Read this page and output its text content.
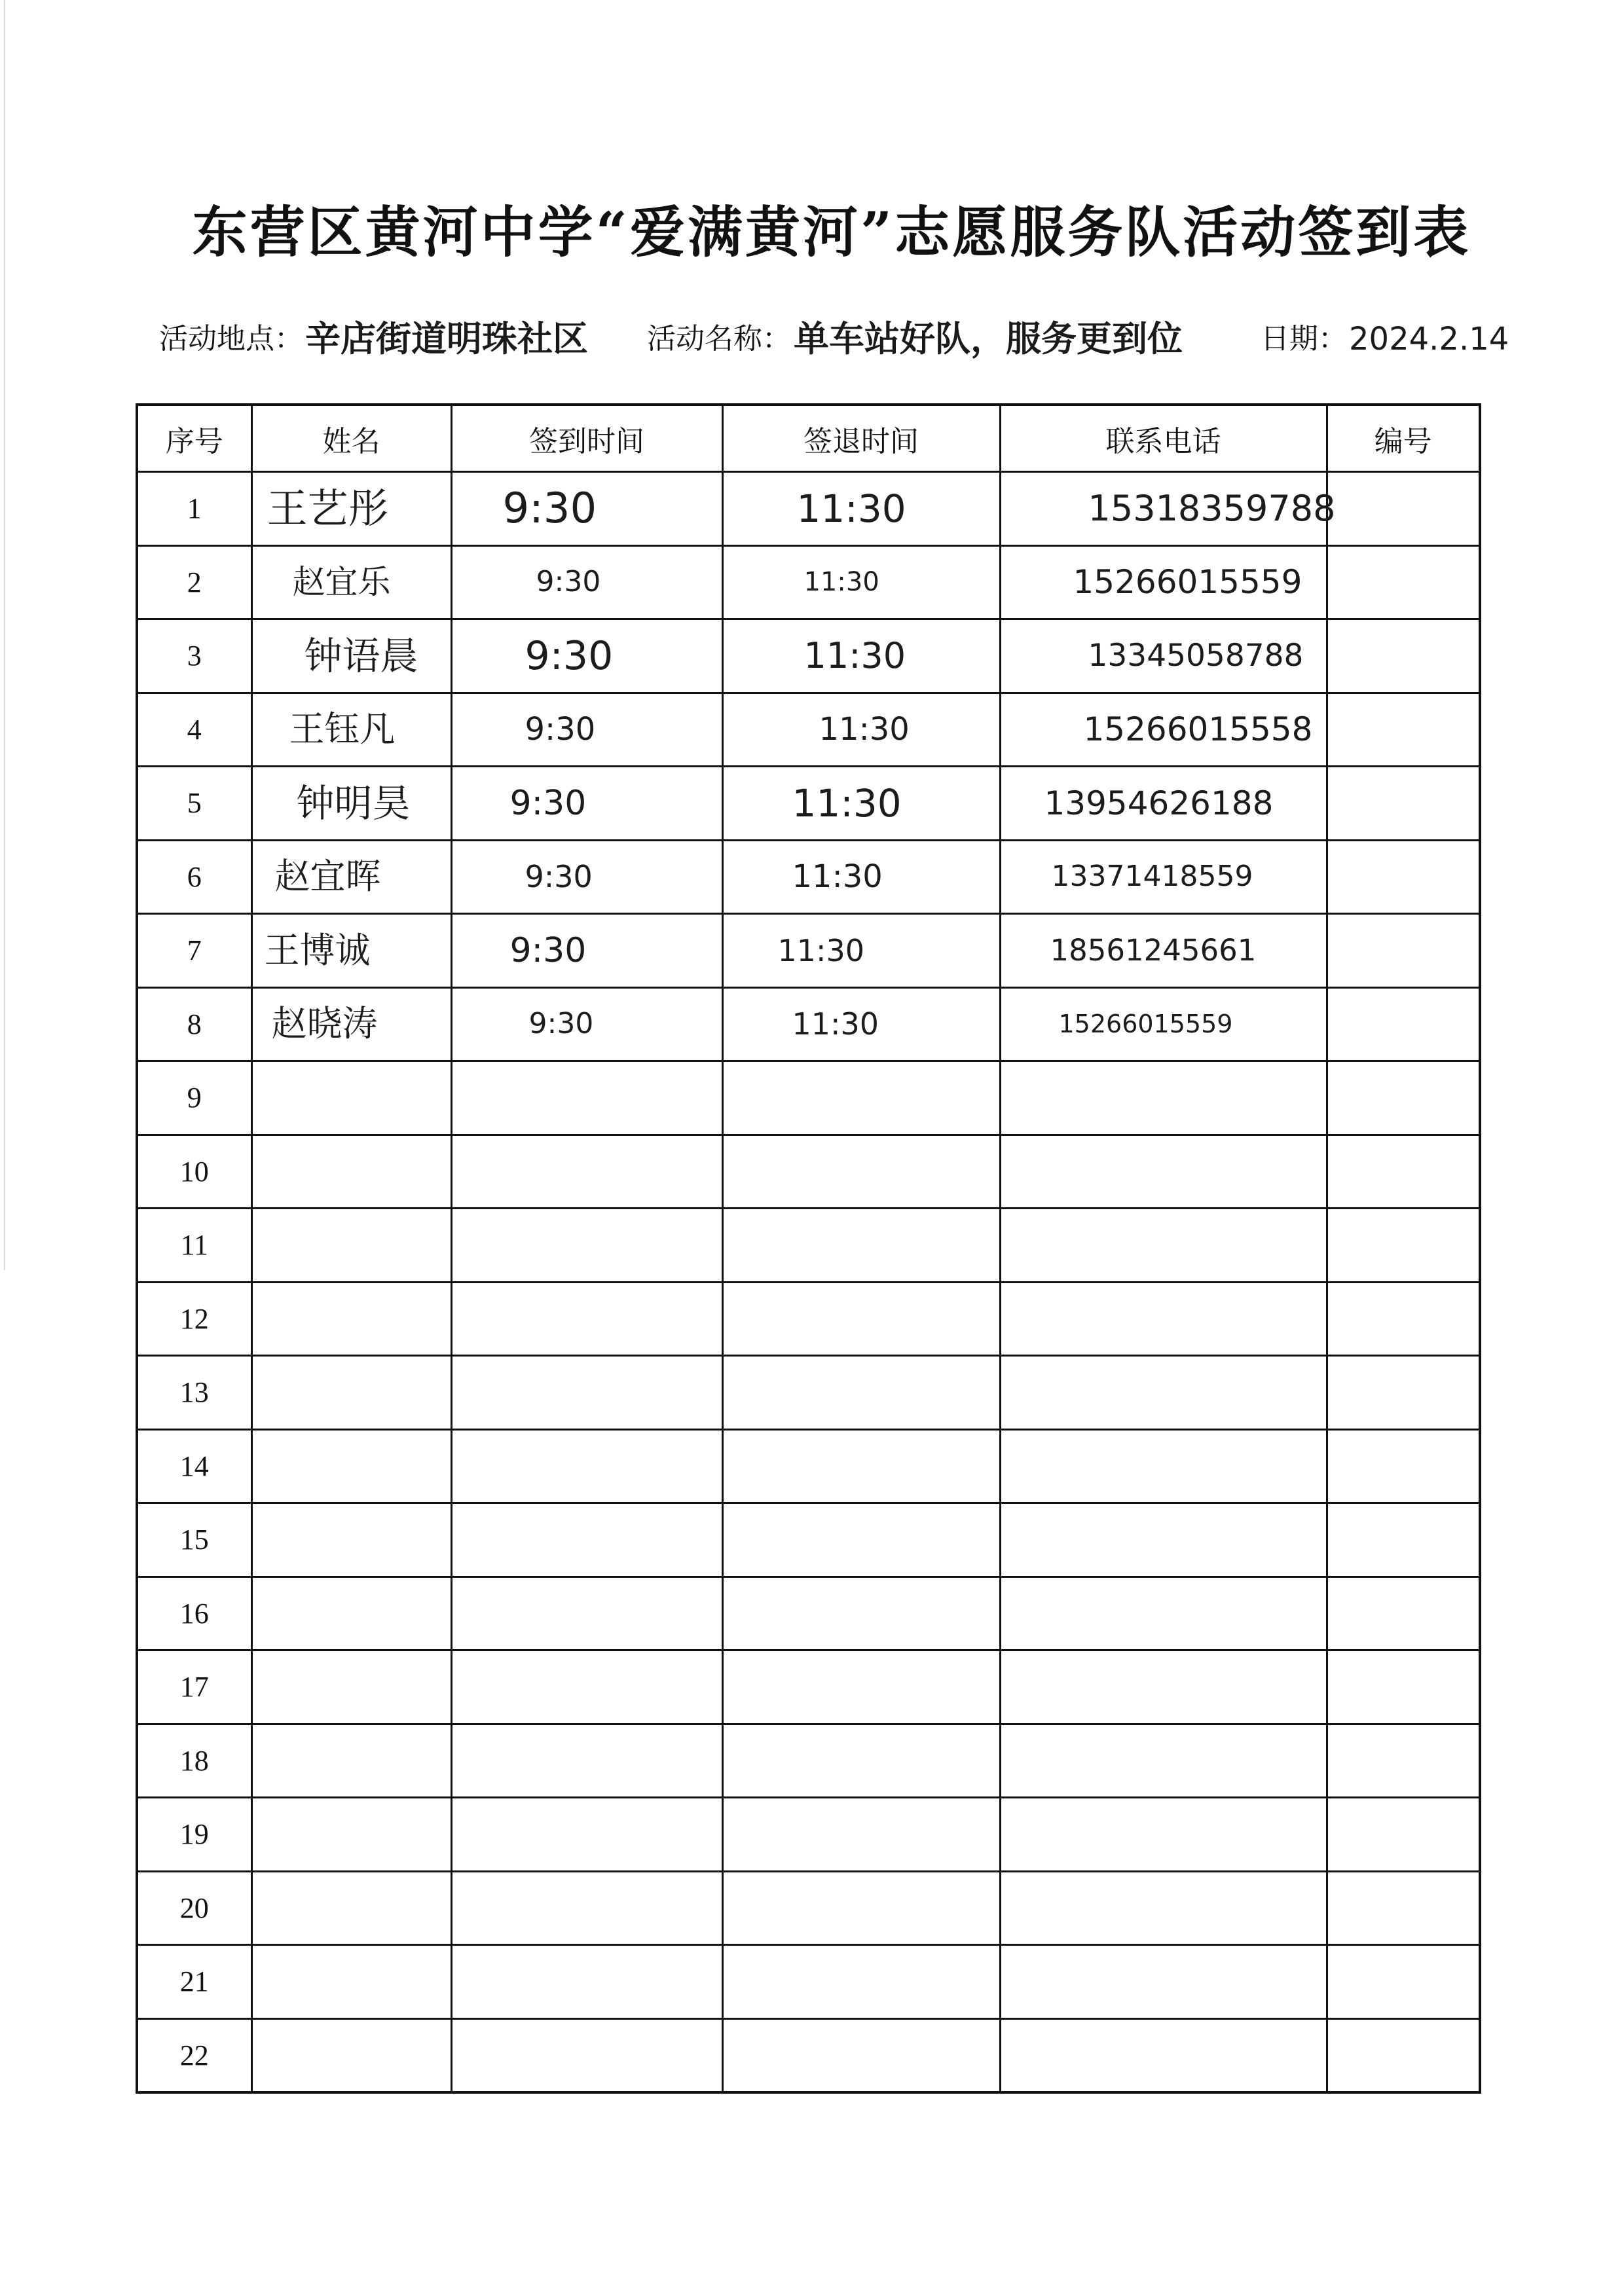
东营区黄河中学“爱满黄河”志愿服务队活动签到表
活动地点： 辛店街道明珠社区 活动名称： 单车站好队，服务更到位	日期： 2024.2.14
序号	姓名	签到时间	签退时间	联系电话	编号
1	王艺彤	9:30	11:30	15318359788	
2	赵宜乐	9:30	11:30	15266015559	
3	钟语晨	9:30	11:30	13345058788	
4	王钰凡	9:30	11:30	15266015558	
5	钟明昊	9:30	11:30	13954626188	
6	赵宜晖	9:30	11:30	13371418559	
7	王博诚	9:30	11:30	18561245661	
8	赵晓涛	9:30	11:30	15266015559	
9					
10					
11					
12					
13					
14					
15					
16					
17					
18					
19					
20					
21					
22					
